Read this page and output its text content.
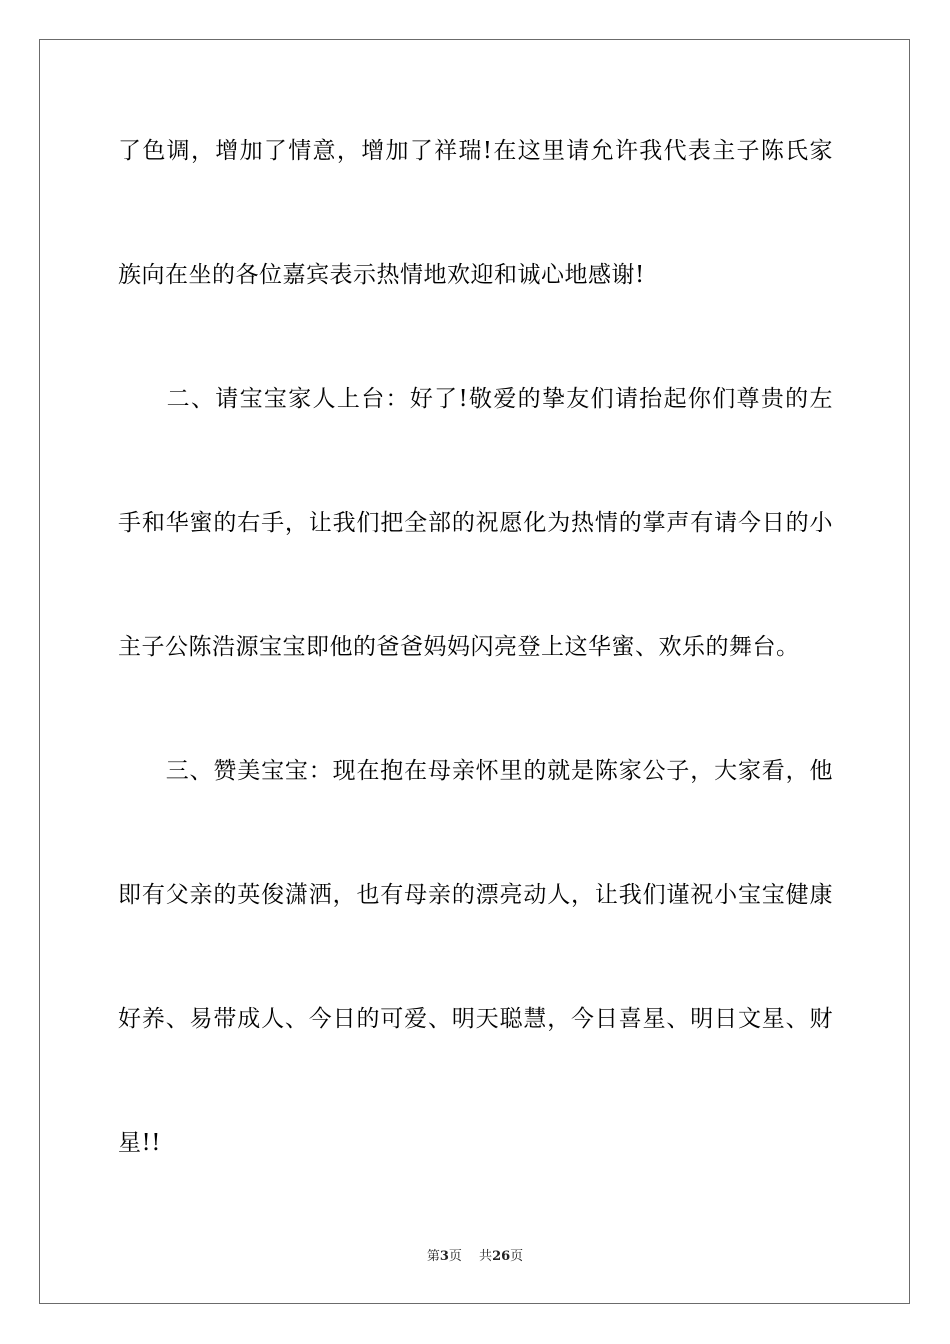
了色调，增加了情意，增加了祥瑞!在这里请允许我代表主子陈氏家
族向在坐的各位嘉宾表示热情地欢迎和诚心地感谢!
　　二、请宝宝家人上台：好了!敬爱的挚友们请抬起你们尊贵的左
手和华蜜的右手，让我们把全部的祝愿化为热情的掌声有请今日的小
主子公陈浩源宝宝即他的爸爸妈妈闪亮登上这华蜜、欢乐的舞台。
　　三、赞美宝宝：现在抱在母亲怀里的就是陈家公子，大家看，他
即有父亲的英俊潇洒，也有母亲的漂亮动人，让我们谨祝小宝宝健康
好养、易带成人、今日的可爱、明天聪慧，今日喜星、明日文星、财
星!!
第3页　 共26页
